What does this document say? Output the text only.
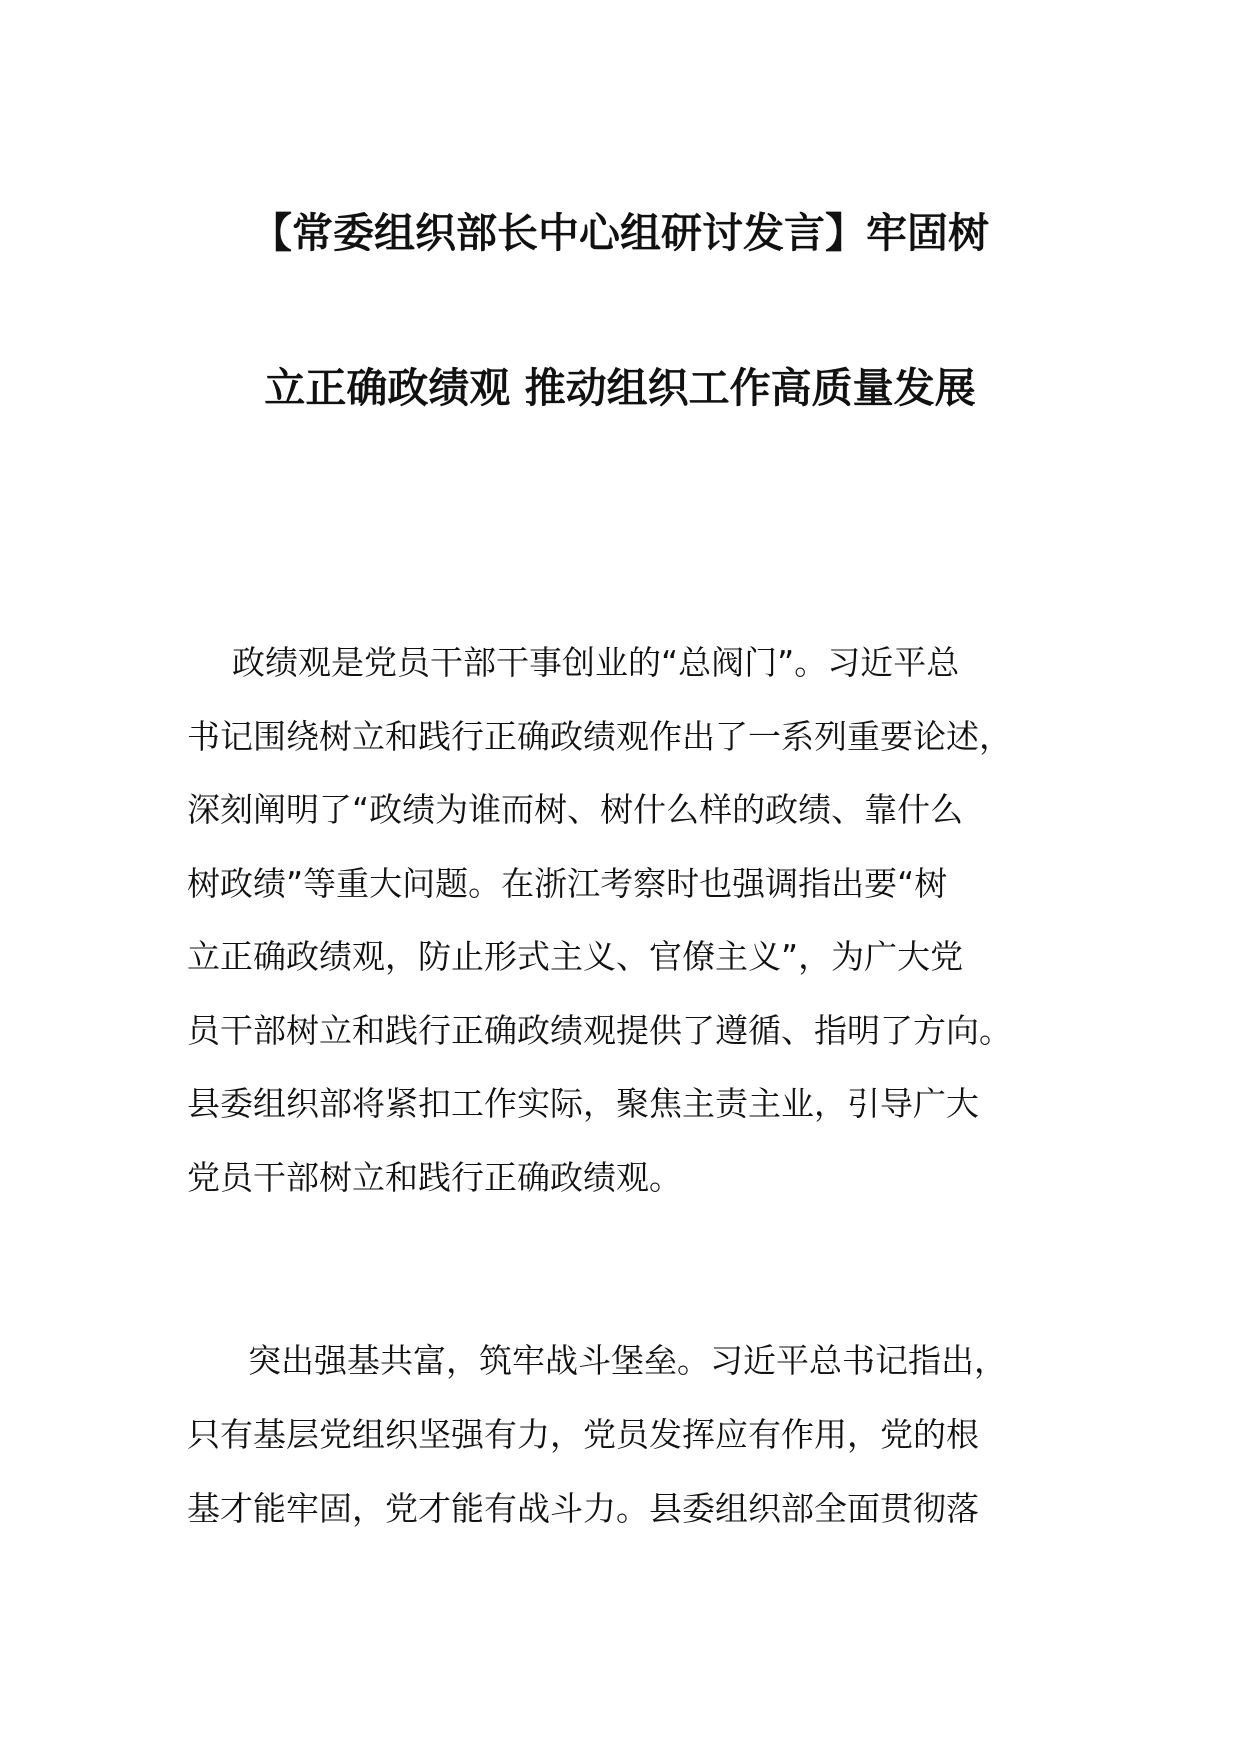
【常委组织部长中心组研讨发言】牢固树
立正确政绩观 推动组织工作高质量发展
政绩观是党员干部干事创业的“总阀门”。习近平总
书记围绕树立和践行正确政绩观作出了一系列重要论述，
深刻阐明了“政绩为谁而树、树什么样的政绩、靠什么
树政绩”等重大问题。在浙江考察时也强调指出要“树
立正确政绩观，防止形式主义、官僚主义”，为广大党
员干部树立和践行正确政绩观提供了遵循、指明了方向。
县委组织部将紧扣工作实际，聚焦主责主业，引导广大
党员干部树立和践行正确政绩观。
突出强基共富，筑牢战斗堡垒。习近平总书记指出，
只有基层党组织坚强有力，党员发挥应有作用，党的根
基才能牢固，党才能有战斗力。县委组织部全面贯彻落
